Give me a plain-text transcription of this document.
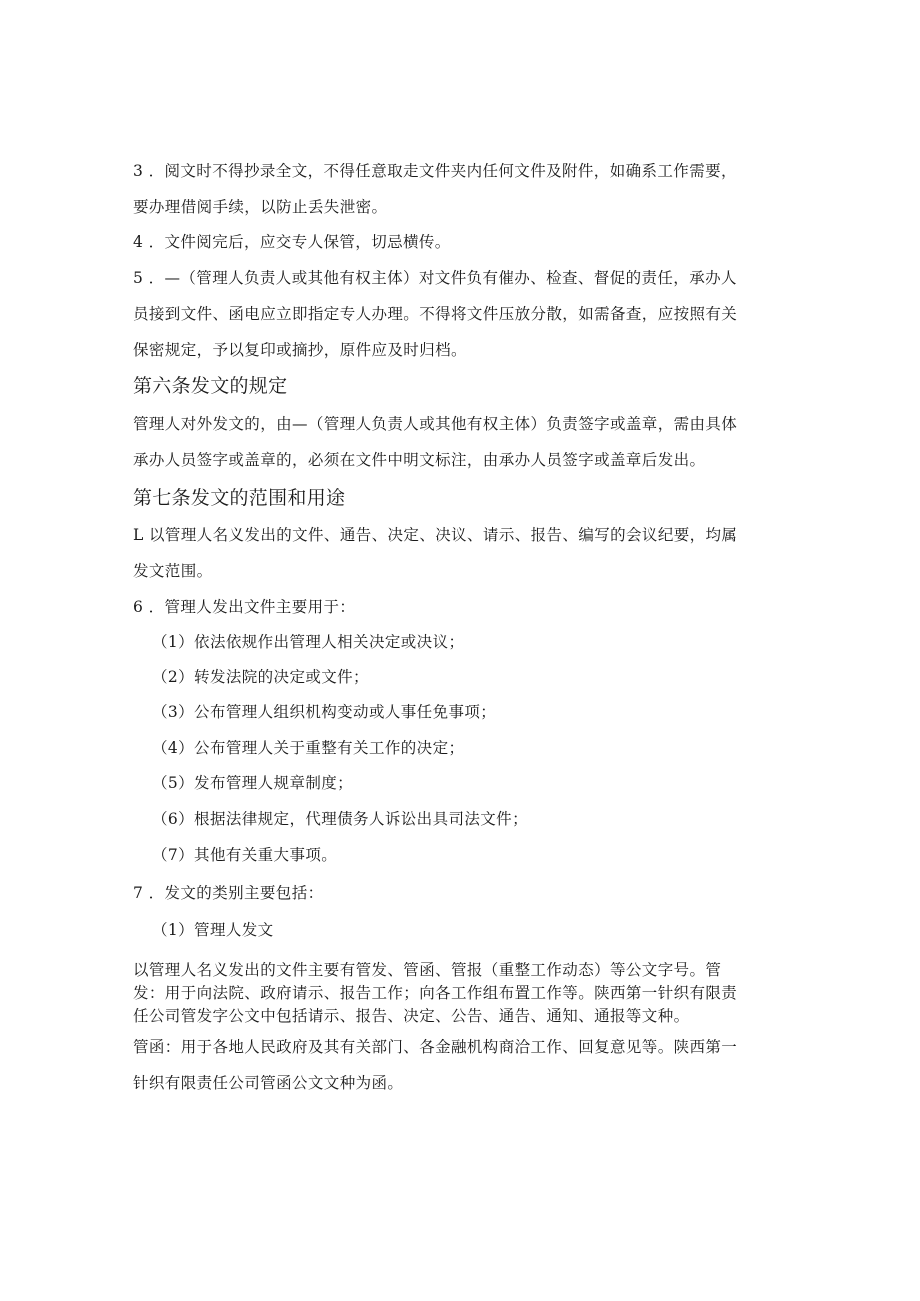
3 ．阅文时不得抄录全文，不得任意取走文件夹内任何文件及附件，如确系工作需要，
要办理借阅手续，以防止丢失泄密。
4 ．文件阅完后，应交专人保管，切忌横传。
5 ．—（管理人负责人或其他有权主体）对文件负有催办、检查、督促的责任，承办人
员接到文件、函电应立即指定专人办理。不得将文件压放分散，如需备查，应按照有关
保密规定，予以复印或摘抄，原件应及时归档。
第六条发文的规定
管理人对外发文的，由—（管理人负责人或其他有权主体）负责签字或盖章，需由具体
承办人员签字或盖章的，必须在文件中明文标注，由承办人员签字或盖章后发出。
第七条发文的范围和用途
L 以管理人名义发出的文件、通告、决定、决议、请示、报告、编写的会议纪要，均属
发文范围。
6 ．管理人发出文件主要用于：
（1）依法依规作出管理人相关决定或决议；
（2）转发法院的决定或文件；
（3）公布管理人组织机构变动或人事任免事项；
（4）公布管理人关于重整有关工作的决定；
（5）发布管理人规章制度；
（6）根据法律规定，代理债务人诉讼出具司法文件；
（7）其他有关重大事项。
7 ．发文的类别主要包括：
（1）管理人发文
以管理人名义发出的文件主要有管发、管函、管报（重整工作动态）等公文字号。管
发：用于向法院、政府请示、报告工作；向各工作组布置工作等。陕西第一针织有限责
任公司管发字公文中包括请示、报告、决定、公告、通告、通知、通报等文种。
管函：用于各地人民政府及其有关部门、各金融机构商洽工作、回复意见等。陕西第一
针织有限责任公司管函公文文种为函。
